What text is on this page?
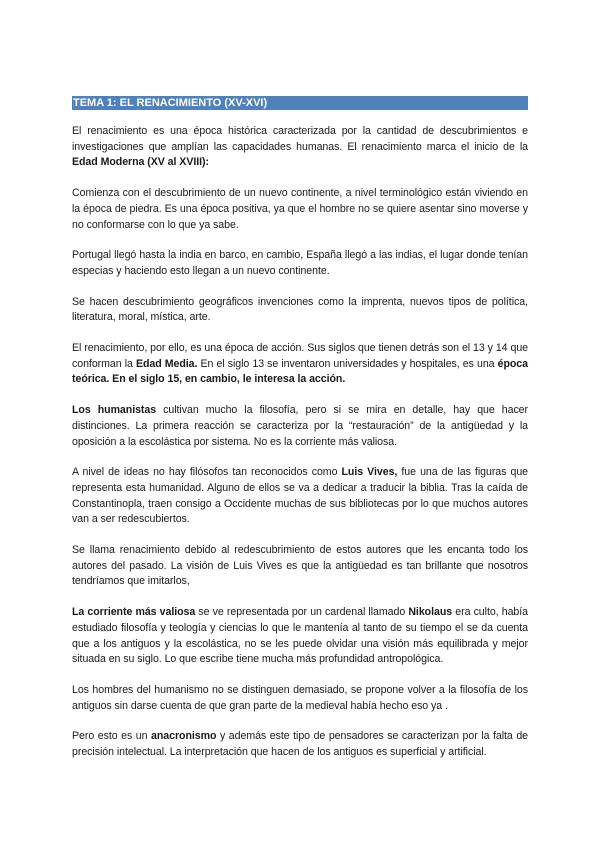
TEMA 1: EL RENACIMIENTO (XV-XVI)

El renacimiento es una época histórica caracterizada por la cantidad de descubrimientos e investigaciones que amplían las capacidades humanas. El renacimiento marca el inicio de la Edad Moderna (XV al XVIII):

Comienza con el descubrimiento de un nuevo continente, a nivel terminológico están viviendo en la época de piedra. Es una época positiva, ya que el hombre no se quiere asentar sino moverse y no conformarse con lo que ya sabe.

Portugal llegó hasta la india en barco, en cambio, España llegó a las indias, el lugar donde tenían especias y haciendo esto llegan a un nuevo continente.

Se hacen descubrimiento geográficos invenciones como la imprenta, nuevos tipos de política, literatura, moral, mística, arte.

El renacimiento, por ello, es una época de acción. Sus siglos que tienen detrás son el 13 y 14 que conforman la Edad Media. En el siglo 13 se inventaron universidades y hospitales, es una época teórica. En el siglo 15, en cambio, le interesa la acción.

Los humanistas cultivan mucho la filosofía, pero si se mira en detalle, hay que hacer distinciones. La primera reacción se caracteriza por la “restauración” de la antigüedad y la oposición a la escolástica por sistema. No es la corriente más valiosa.

A nivel de ideas no hay filósofos tan reconocidos como Luis Vives, fue una de las figuras que representa esta humanidad. Alguno de ellos se va a dedicar a traducir la biblia. Tras la caída de Constantinopla, traen consigo a Occidente muchas de sus bibliotecas por lo que muchos autores van a ser redescubiertos.

Se llama renacimiento debido al redescubrimiento de estos autores que les encanta todo los autores del pasado. La visión de Luis Vives es que la antigüedad es tan brillante que nosotros tendríamos que imitarlos,

La corriente más valiosa se ve representada por un cardenal llamado Nikolaus era culto, había estudiado filosofía y teología y ciencias lo que le mantenía al tanto de su tiempo el se da cuenta que a los antiguos y la escolástica, no se les puede olvidar una visión más equilibrada y mejor situada en su siglo. Lo que escribe tiene mucha más profundidad antropológica.

Los hombres del humanismo no se distinguen demasiado, se propone volver a la filosofía de los antiguos sin darse cuenta de que gran parte de la medieval había hecho eso ya .

Pero esto es un anacronismo y además este tipo de pensadores se caracterizan por la falta de precisión intelectual. La interpretación que hacen de los antiguos es superficial y artificial.
